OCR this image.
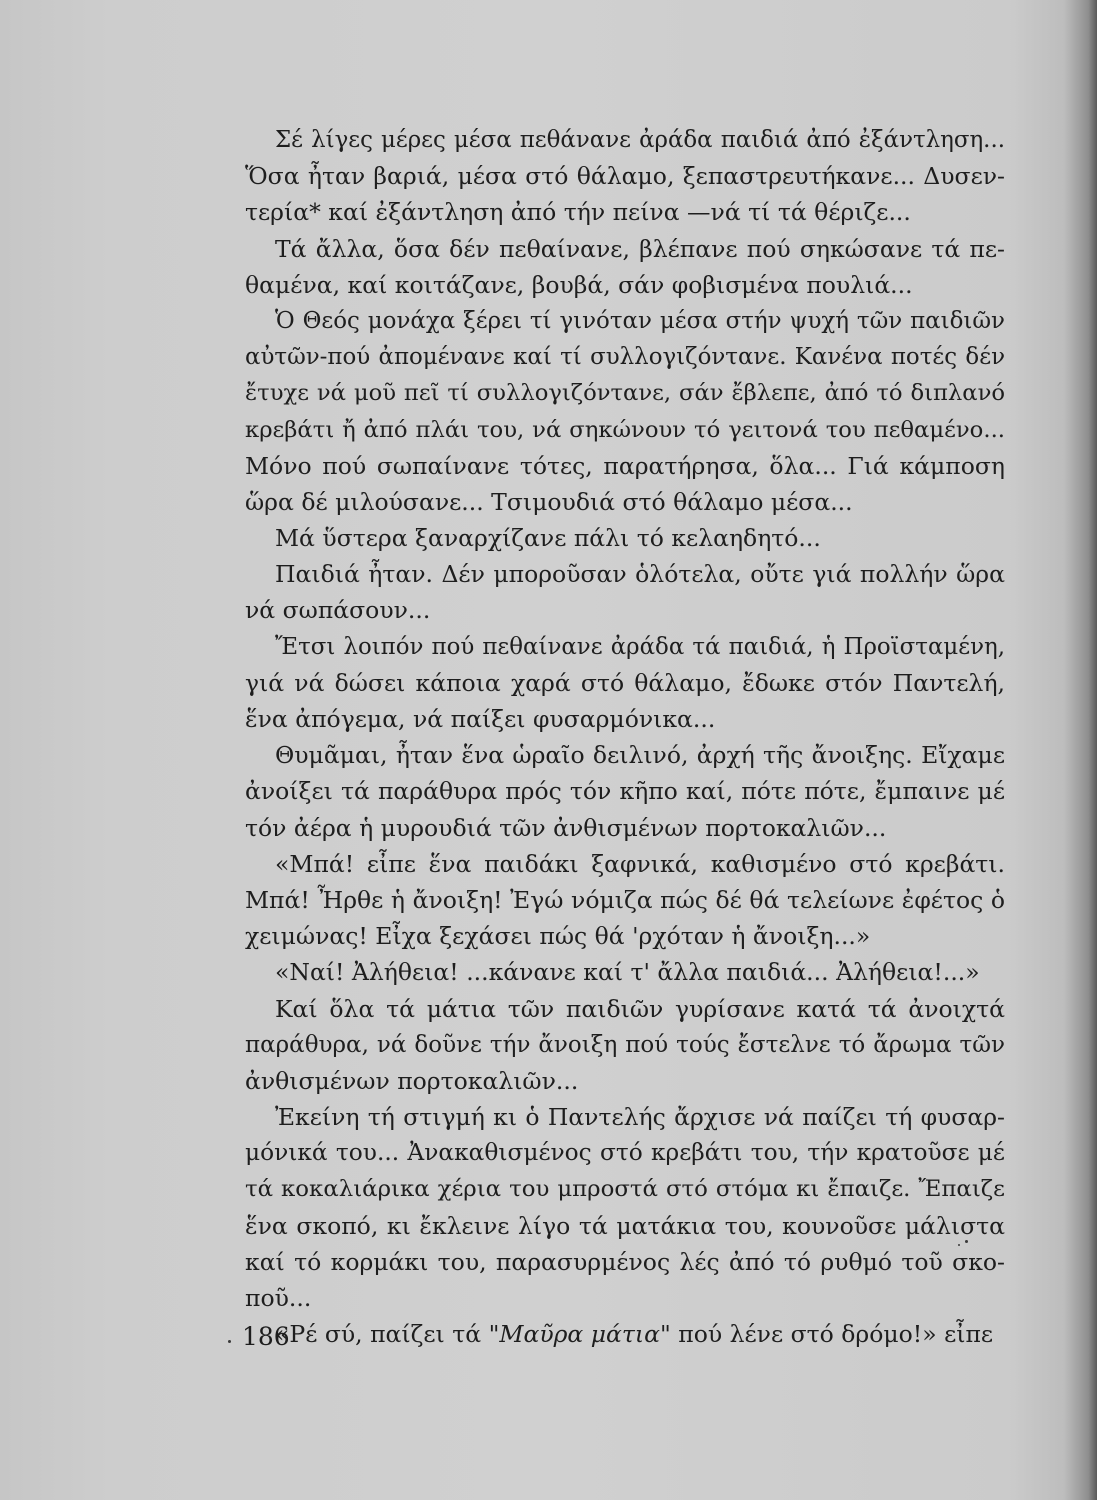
Σέ λίγες μέρες μέσα πεθάνανε ἀράδα παιδιά ἀπό ἐξάντληση...
Ὅσα ἦταν βαριά, μέσα στό θάλαμο, ξεπαστρευτήκανε... Δυσεν-
τερία* καί ἐξάντληση ἀπό τήν πείνα —νά τί τά θέριζε...
Τά ἄλλα, ὅσα δέν πεθαίνανε, βλέπανε πού σηκώσανε τά πε-
θαμένα, καί κοιτάζανε, βουβά, σάν φοβισμένα πουλιά...
Ὁ Θεός μονάχα ξέρει τί γινόταν μέσα στήν ψυχή τῶν παιδιῶν
αὐτῶν-πού ἀπομένανε καί τί συλλογιζόντανε. Κανένα ποτές δέν
ἔτυχε νά μοῦ πεῖ τί συλλογιζόντανε, σάν ἔβλεπε, ἀπό τό διπλανό
κρεβάτι ἤ ἀπό πλάι του, νά σηκώνουν τό γειτονά του πεθαμένο...
Μόνο πού σωπαίνανε τότες, παρατήρησα, ὅλα... Γιά κάμποση
ὥρα δέ μιλούσανε... Τσιμουδιά στό θάλαμο μέσα...
Μά ὕστερα ξαναρχίζανε πάλι τό κελαηδητό...
Παιδιά ἦταν. Δέν μποροῦσαν ὁλότελα, οὔτε γιά πολλήν ὥρα
νά σωπάσουν...
Ἔτσι λοιπόν πού πεθαίνανε ἀράδα τά παιδιά, ἡ Προϊσταμένη,
γιά νά δώσει κάποια χαρά στό θάλαμο, ἔδωκε στόν Παντελή,
ἕνα ἀπόγεμα, νά παίξει φυσαρμόνικα...
Θυμᾶμαι, ἦταν ἕνα ὡραῖο δειλινό, ἀρχή τῆς ἄνοιξης. Εἴχαμε
ἀνοίξει τά παράθυρα πρός τόν κῆπο καί, πότε πότε, ἔμπαινε μέ
τόν ἀέρα ἡ μυρουδιά τῶν ἀνθισμένων πορτοκαλιῶν...
«Μπά! εἶπε ἕνα παιδάκι ξαφνικά, καθισμένο στό κρεβάτι.
Μπά! Ἦρθε ἡ ἄνοιξη! Ἐγώ νόμιζα πώς δέ θά τελείωνε ἐφέτος ὁ
χειμώνας! Εἶχα ξεχάσει πώς θά 'ρχόταν ἡ ἄνοιξη...»
«Ναί! Ἀλήθεια! ...κάνανε καί τ' ἄλλα παιδιά... Ἀλήθεια!...»
Καί ὅλα τά μάτια τῶν παιδιῶν γυρίσανε κατά τά ἀνοιχτά
παράθυρα, νά δοῦνε τήν ἄνοιξη πού τούς ἔστελνε τό ἄρωμα τῶν
ἀνθισμένων πορτοκαλιῶν...
Ἐκείνη τή στιγμή κι ὁ Παντελής ἄρχισε νά παίζει τή φυσαρ-
μόνικά του... Ἀνακαθισμένος στό κρεβάτι του, τήν κρατοῦσε μέ
τά κοκαλιάρικα χέρια του μπροστά στό στόμα κι ἔπαιζε. Ἔπαιζε
ἕνα σκοπό, κι ἔκλεινε λίγο τά ματάκια του, κουνοῦσε μάλιστα
καί τό κορμάκι του, παρασυρμένος λές ἀπό τό ρυθμό τοῦ σκο-
ποῦ...
«Ρέ σύ, παίζει τά "Μαῦρα μάτια" πού λένε στό δρόμο!» εἶπε
186
